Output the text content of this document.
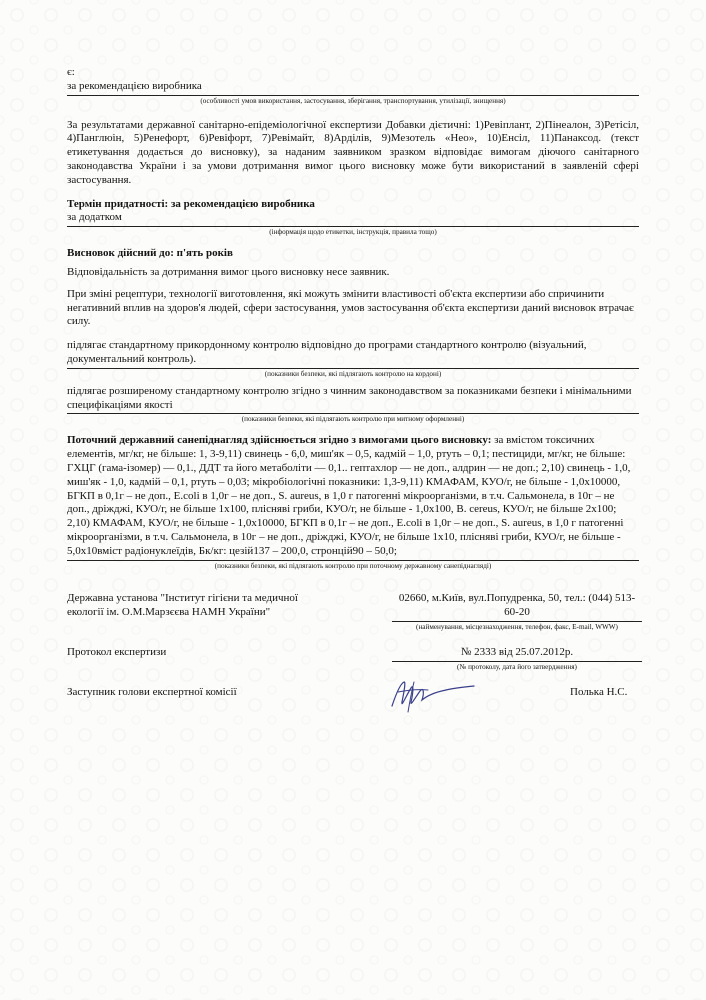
є:

за рекомендацією виробника
(особливості умов використання, застосування, зберігання, транспортування, утилізації, знищення)

За результатами державної санітарно-епідеміологічної експертизи Добавки дієтичні: 1)Ревіплант, 2)Пінеалон, 3)Ретісіл, 4)Панглюін, 5)Ренефорт, 6)Ревіфорт, 7)Ревімайт, 8)Арділів, 9)Мезотель «Нео», 10)Енсіл, 11)Панаксод. (текст етикетування додається до висновку), за наданим заявником зразком відповідає вимогам діючого санітарного законодавства України і за умови дотримання вимог цього висновку може бути використаний в заявленій сфері застосування.

Термін придатності: за рекомендацією виробника

за додатком
(інформація щодо етикетки, інструкція, правила тощо)

Висновок дійсний до: п'ять років

Відповідальність за дотримання вимог цього висновку несе заявник.

При зміні рецептури, технології виготовлення, які можуть змінити властивості об'єкта експертизи або спричинити негативний вплив на здоров'я людей, сфери застосування, умов застосування об'єкта експертизи даний висновок втрачає силу.

підлягає стандартному прикордонному контролю відповідно до програми стандартного контролю (візуальний, документальний контроль).
(показники безпеки, які підлягають контролю на кордоні)
підлягає розширеному стандартному контролю згідно з чинним законодавством за показниками безпеки і мінімальними специфікаціями якості
(показники безпеки, які підлягають контролю при митному оформленні)
Поточний державний санепіднагляд здійснюється згідно з вимогами цього висновку: за вмістом токсичних елементів, мг/кг, не більше: 1, 3-9,11) свинець - 6,0, миш'як – 0,5, кадмій – 1,0, ртуть – 0,1; пестициди, мг/кг, не більше: ГХЦГ (гама-ізомер) — 0,1., ДДТ та його метаболіти — 0,1.. гептахлор — не доп., алдрин — не доп.; 2,10) свинець - 1,0, миш'як - 1,0, кадмій – 0,1, ртуть – 0,03; мікробіологічні показники: 1,3-9,11) КМАФАМ, КУО/г, не більше - 1,0х10000, БГКП в 0,1г – не доп., E.coli в 1,0г – не доп., S. aureus, в 1,0 г патогенні мікроорганізми, в т.ч. Сальмонела, в 10г – не доп., дріжджі, КУО/г, не більше 1х100, плісняві гриби, КУО/г, не більше - 1,0х100, B. cereus, КУО/г, не більше 2х100; 2,10) КМАФАМ, КУО/г, не більше - 1,0х10000, БГКП в 0,1г – не доп., E.coli в 1,0г – не доп., S. aureus, в 1,0 г патогенні мікроорганізми, в т.ч. Сальмонела, в 10г – не доп., дріжджі, КУО/г, не більше 1х10, плісняві гриби, КУО/г, не більше - 5,0х10вміст радіонуклеїдів, Бк/кг: цезій137 – 200,0, стронцій90 – 50,0;
(показники безпеки, які підлягають контролю при поточному державному санепіднагляді)
Державна установа "Інститут гігієни та медичної екології ім. О.М.Марзєєва НАМН України"
02660, м.Київ, вул.Попудренка, 50, тел.: (044) 513-60-20
(найменування, місцезнаходження, телефон, факс, E-mail, WWW)
Протокол експертизи	№ 2333 від 25.07.2012р.
(№ протоколу, дата його затвердження)
Заступник голови експертної комісії	Полька Н.С.
